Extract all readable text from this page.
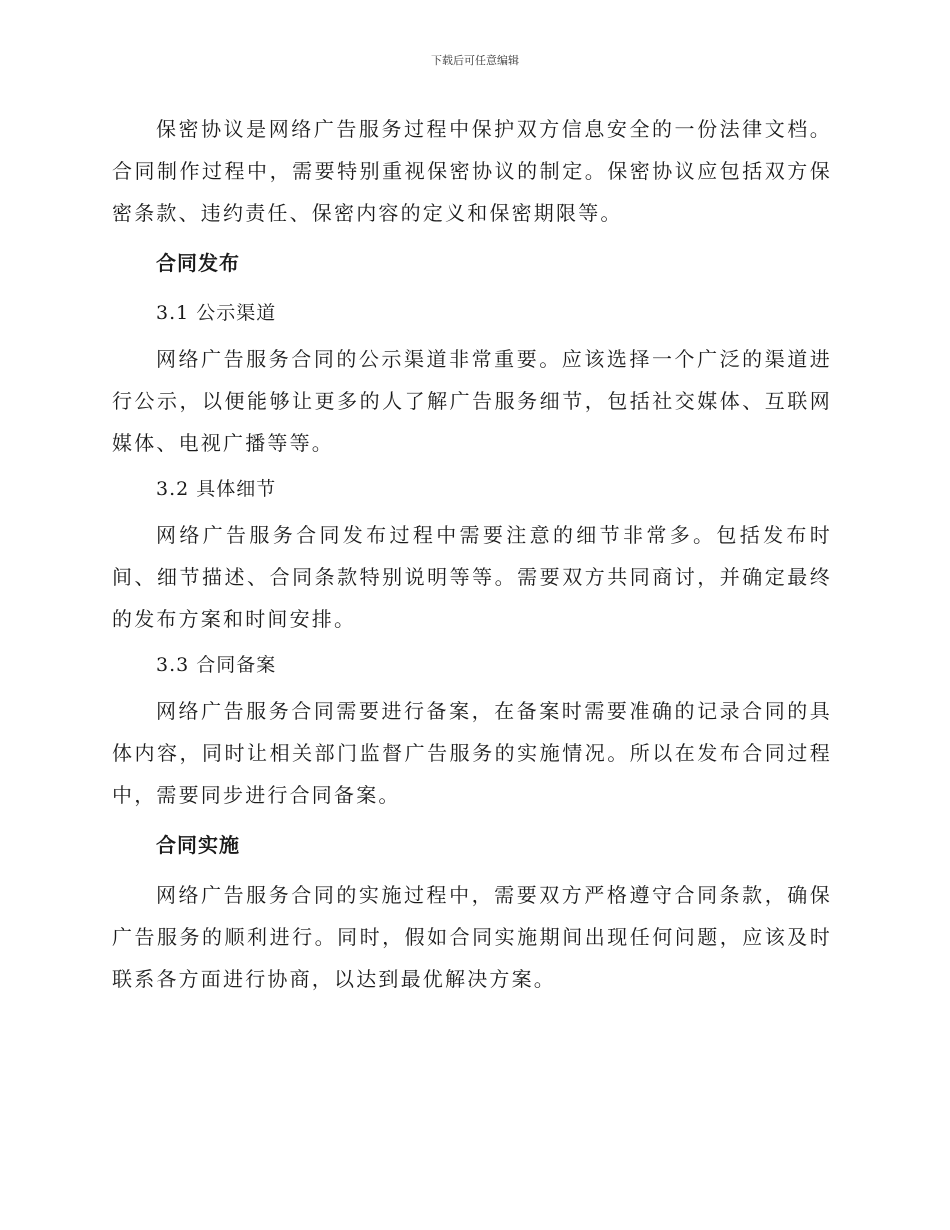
下载后可任意编辑

保密协议是网络广告服务过程中保护双方信息安全的一份法律文档。合同制作过程中，需要特别重视保密协议的制定。保密协议应包括双方保密条款、违约责任、保密内容的定义和保密期限等。

合同发布
3.1 公示渠道

网络广告服务合同的公示渠道非常重要。应该选择一个广泛的渠道进行公示，以便能够让更多的人了解广告服务细节，包括社交媒体、互联网媒体、电视广播等等。

3.2 具体细节

网络广告服务合同发布过程中需要注意的细节非常多。包括发布时间、细节描述、合同条款特别说明等等。需要双方共同商讨，并确定最终的发布方案和时间安排。

3.3 合同备案

网络广告服务合同需要进行备案，在备案时需要准确的记录合同的具体内容，同时让相关部门监督广告服务的实施情况。所以在发布合同过程中，需要同步进行合同备案。

合同实施

网络广告服务合同的实施过程中，需要双方严格遵守合同条款，确保广告服务的顺利进行。同时，假如合同实施期间出现任何问题，应该及时联系各方面进行协商，以达到最优解决方案。
